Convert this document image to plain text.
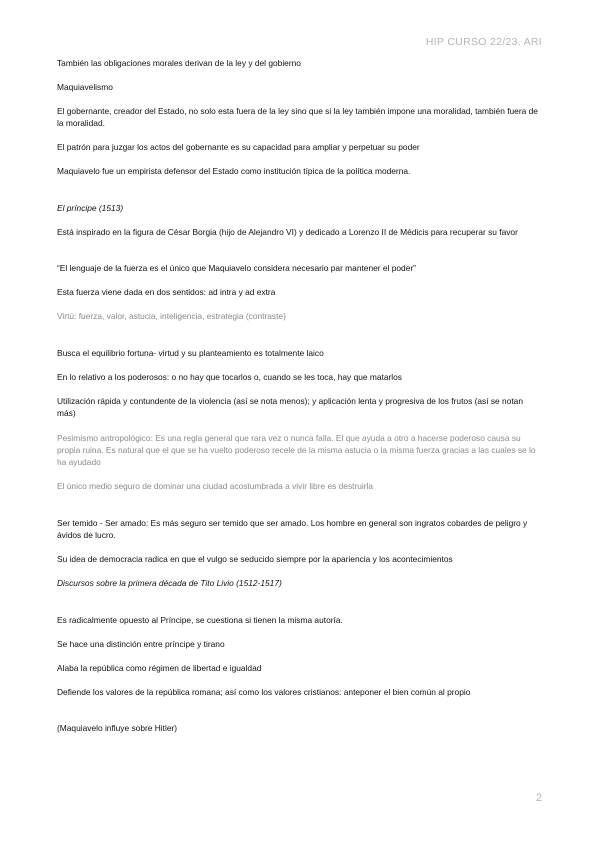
HIP CURSO 22/23. ARI

También las obligaciones morales derivan de la ley y del gobierno

Maquiavelismo

El gobernante, creador del Estado, no solo esta fuera de la ley sino que si la ley también impone una moralidad, también fuera de la moralidad.

El patrón para juzgar los actos del gobernante es su capacidad para ampliar y perpetuar su poder

Maquiavelo fue un empirista defensor del Estado como institución típica de la política moderna.

El príncipe (1513)

Está inspirado en la figura de César Borgia (hijo de Alejandro VI) y dedicado a Lorenzo II de Médicis para recuperar su favor

“El lenguaje de la fuerza es el único que Maquiavelo considera necesario par mantener el poder”

Esta fuerza viene dada en dos sentidos: ad intra y ad extra

Virtú: fuerza, valor, astucia, inteligencia, estrategia (contraste)

Busca el equilibrio fortuna- virtud y su planteamiento es totalmente laico

En lo relativo a los poderosos: o no hay que tocarlos o, cuando se les toca, hay que matarlos

Utilización rápida y contundente de la violencia (así se nota menos); y aplicación lenta y progresiva de los frutos (así se notan más)

Pesimismo antropológico: Es una regla general que rara vez o nunca falla. El que ayuda a otro a hacerse poderoso causa su propia ruina. Es natural que el que se ha vuelto poderoso recele de la misma astucia o la misma fuerza gracias a las cuales se lo ha ayudado

El único medio seguro de dominar una ciudad acostumbrada a vivir libre es destruirla

Ser temido - Ser amado: Es más seguro ser temido que ser amado. Los hombre en general son ingratos cobardes de peligro y ávidos de lucro.

Su idea de democracia radica en que el vulgo se seducido siempre por la apariencia y los acontecimientos

Discursos sobre la primera década de Tito Livio (1512-1517)

Es radicalmente opuesto al Príncipe, se cuestiona si tienen la misma autoría.

Se hace una distinción entre príncipe y tirano

Alaba la república como régimen de libertad e igualdad

Defiende los valores de la república romana; así como los valores cristianos: anteponer el bien común al propio

(Maquiavelo influye sobre Hitler)

2
